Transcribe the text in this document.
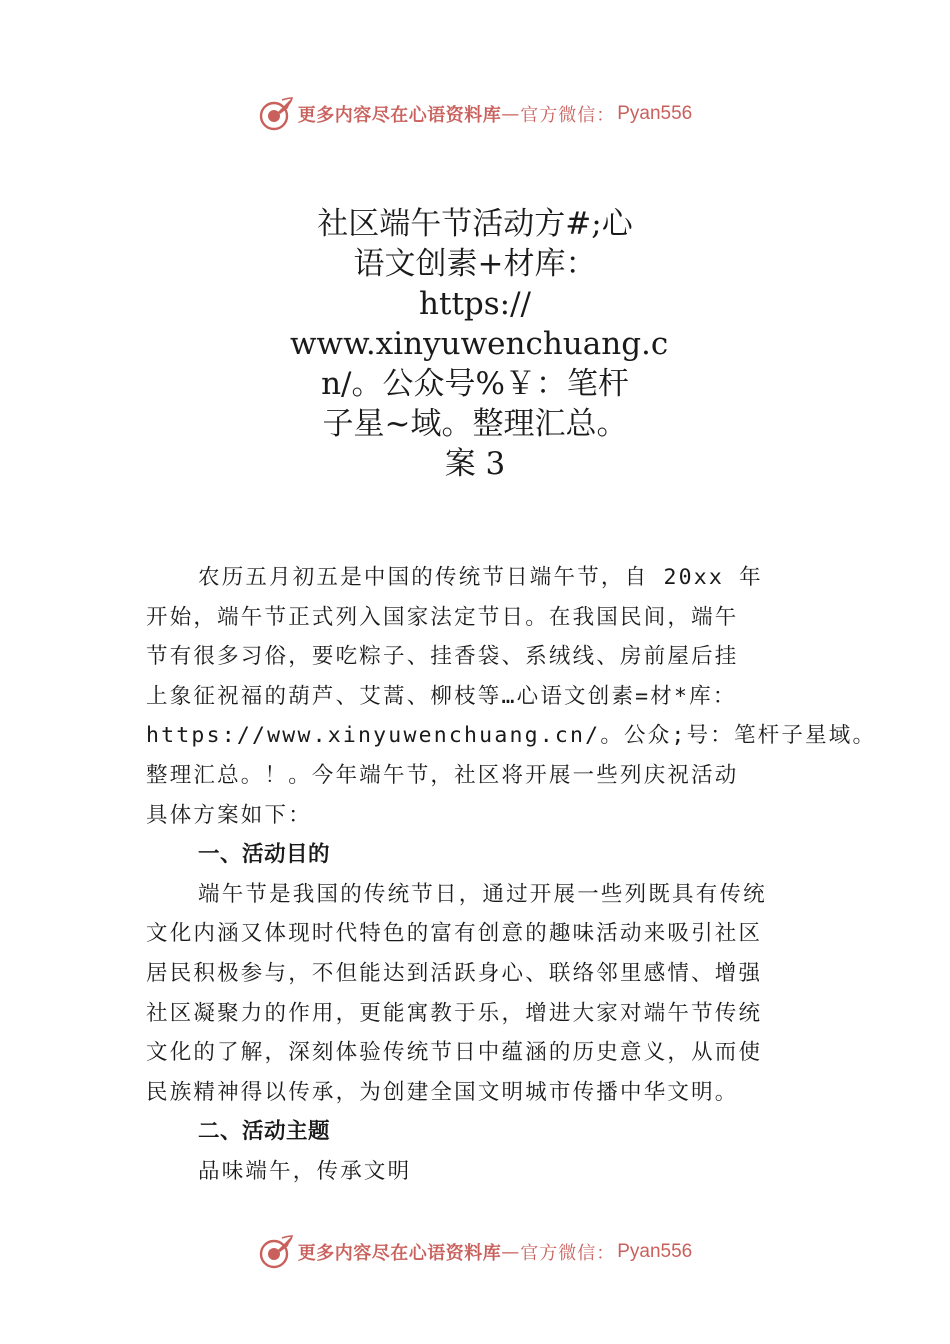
更多内容尽在心语资料库 — 官方微信： Pyan556
社区端午节活动方#;心
语文创素+材库：
https://
www.xinyuwenchuang.c
n/。公众号%￥：笔杆
子星~域。整理汇总。
案 3
农历五月初五是中国的传统节日端午节，自 20xx 年
开始，端午节正式列入国家法定节日。在我国民间，端午
节有很多习俗，要吃粽子、挂香袋、系绒线、房前屋后挂
上象征祝福的葫芦、艾蒿、柳枝等…心语文创素=材*库：
https://www.xinyuwenchuang.cn/。公众;号：笔杆子星域。
整理汇总。！。今年端午节，社区将开展一些列庆祝活动
具体方案如下：
一、活动目的
端午节是我国的传统节日，通过开展一些列既具有传统
文化内涵又体现时代特色的富有创意的趣味活动来吸引社区
居民积极参与，不但能达到活跃身心、联络邻里感情、增强
社区凝聚力的作用，更能寓教于乐，增进大家对端午节传统
文化的了解，深刻体验传统节日中蕴涵的历史意义，从而使
民族精神得以传承，为创建全国文明城市传播中华文明。
二、活动主题
品味端午，传承文明
更多内容尽在心语资料库 — 官方微信： Pyan556
